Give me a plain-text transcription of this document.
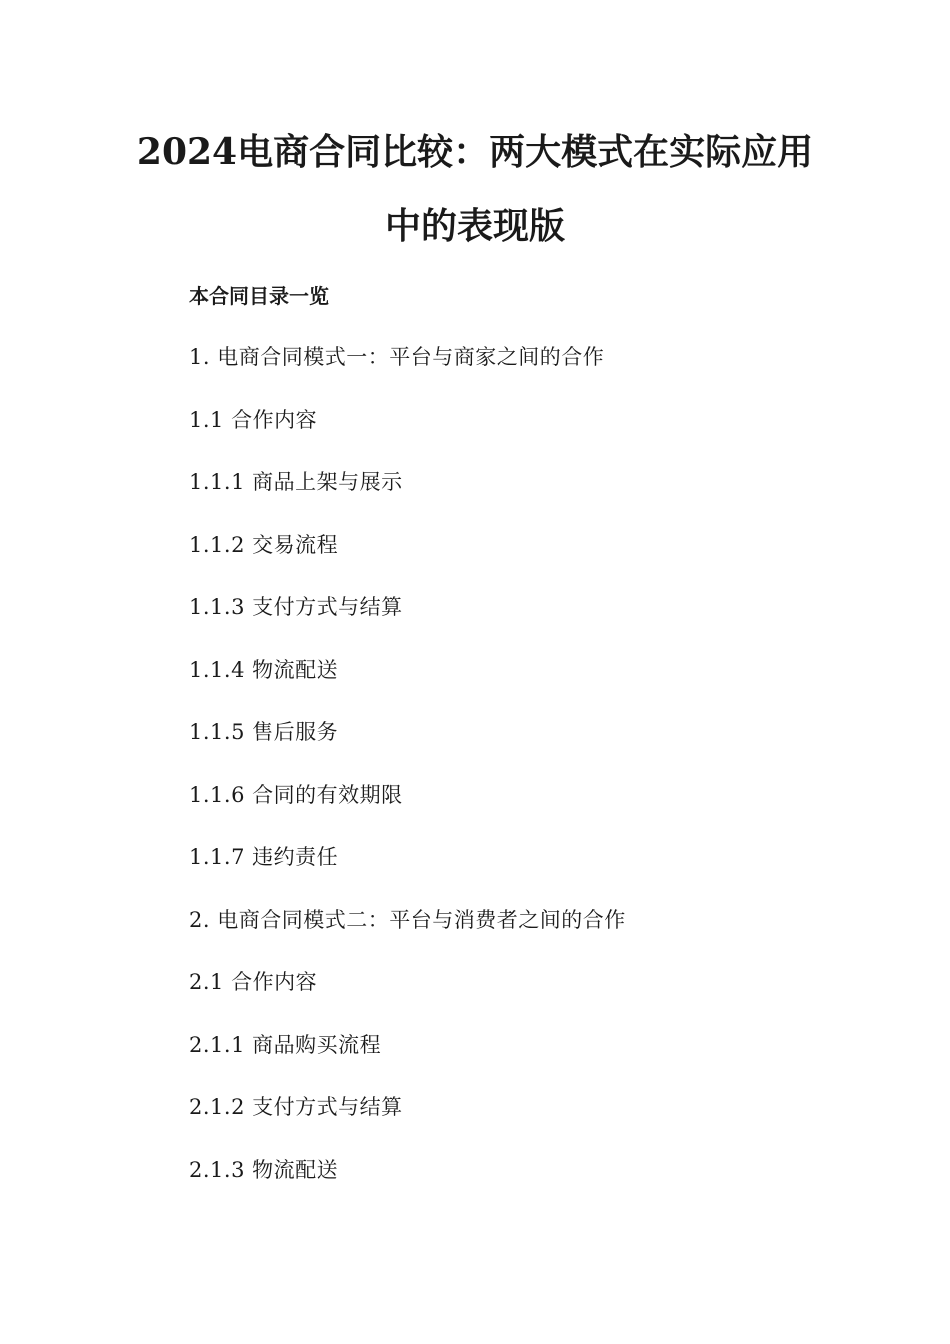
2024电商合同比较：两大模式在实际应用
中的表现版
本合同目录一览
1. 电商合同模式一：平台与商家之间的合作
1.1 合作内容
1.1.1 商品上架与展示
1.1.2 交易流程
1.1.3 支付方式与结算
1.1.4 物流配送
1.1.5 售后服务
1.1.6 合同的有效期限
1.1.7 违约责任
2. 电商合同模式二：平台与消费者之间的合作
2.1 合作内容
2.1.1 商品购买流程
2.1.2 支付方式与结算
2.1.3 物流配送
